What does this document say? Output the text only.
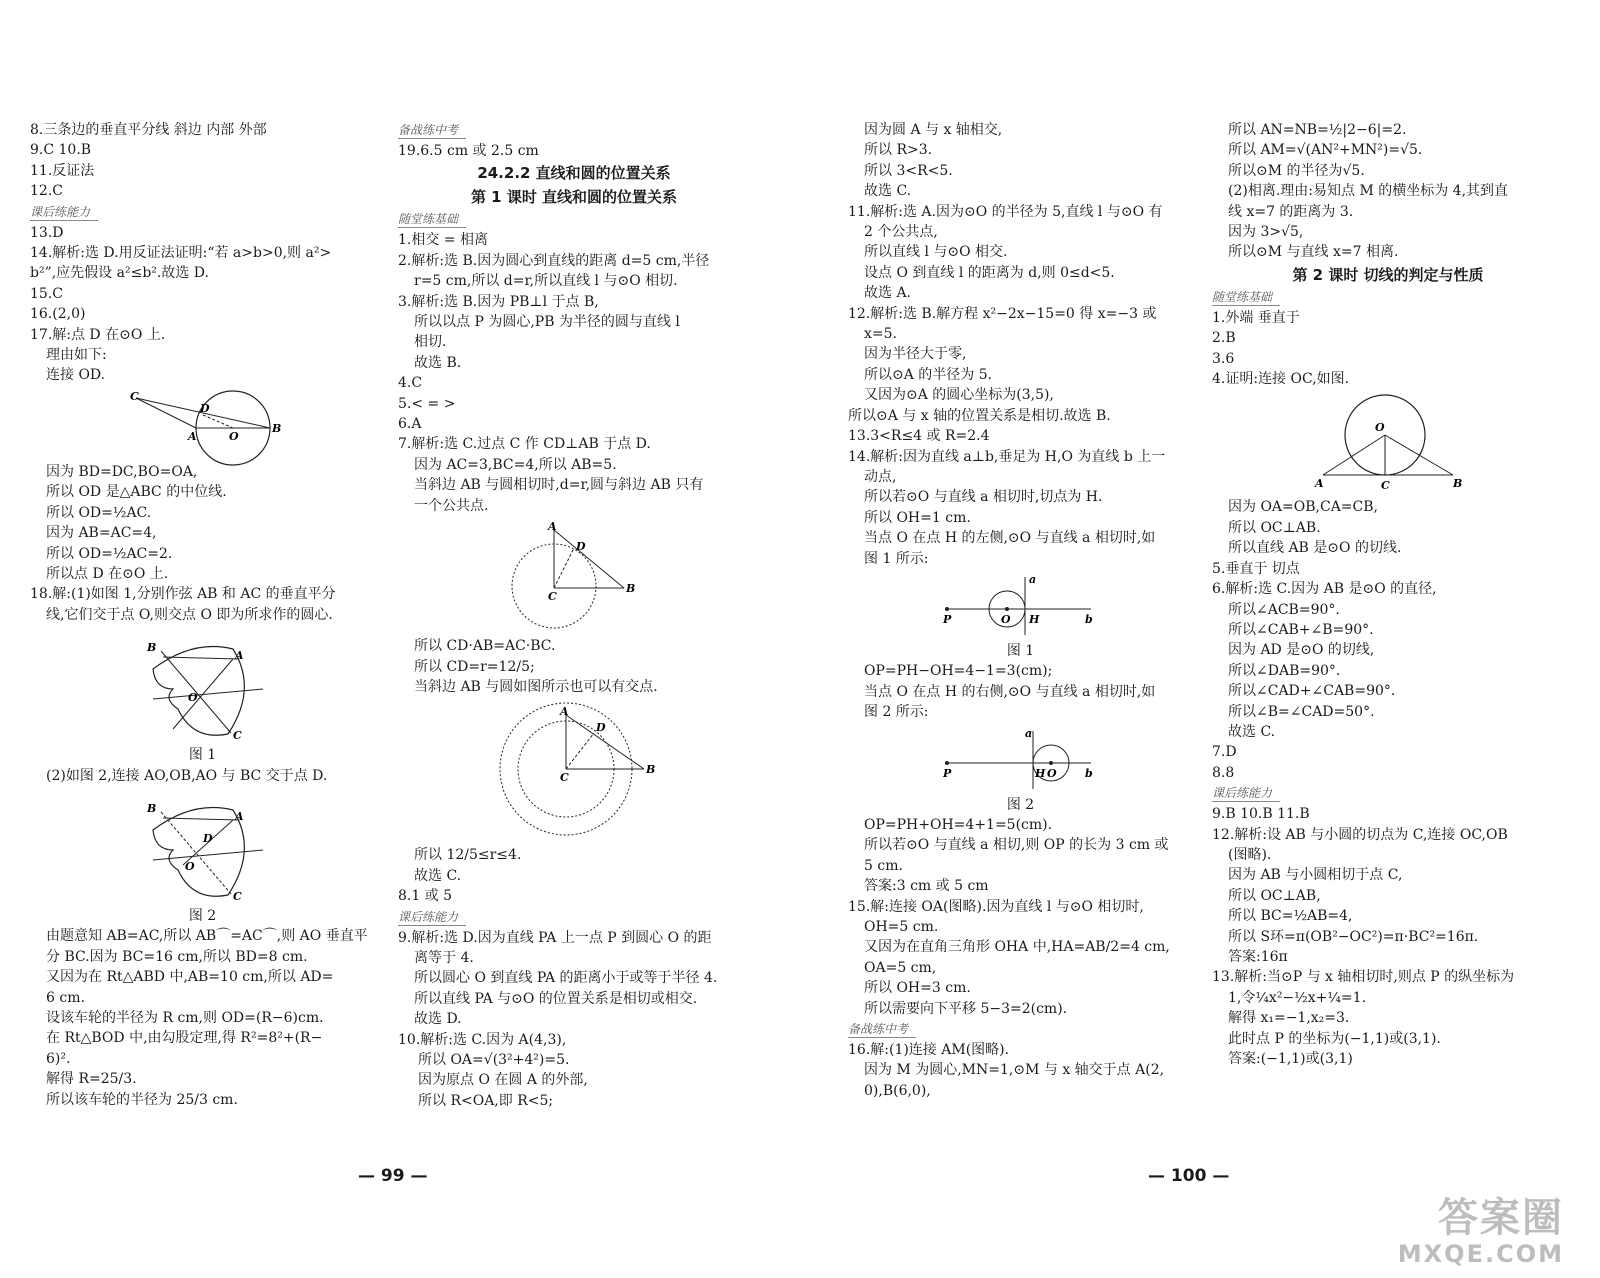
8.三条边的垂直平分线 斜边 内部 外部
9.C 10.B
11.反证法
12.C
课后练能力
13.D
14.解析:选 D.用反证法证明:“若 a>b>0,则 a²>
b²”,应先假设 a²≤b².故选 D.
15.C
16.(2,0)
17.解:点 D 在⊙O 上.
理由如下:
连接 OD.
C
D
A	O
B
因为 BD=DC,BO=OA,
所以 OD 是△ABC 的中位线.
所以 OD=½AC.
因为 AB=AC=4,
所以 OD=½AC=2.
所以点 D 在⊙O 上.
18.解:(1)如图 1,分别作弦 AB 和 AC 的垂直平分
线,它们交于点 O,则交点 O 即为所求作的圆心.
B
A
O
C
图 1
(2)如图 2,连接 AO,OB,AO 与 BC 交于点 D.
B
A
D
O
C
图 2
由题意知 AB=AC,所以 AB⌒=AC⌒,则 AO 垂直平
分 BC.因为 BC=16 cm,所以 BD=8 cm.
又因为在 Rt△ABD 中,AB=10 cm,所以 AD=
6 cm.
设该车轮的半径为 R cm,则 OD=(R−6)cm.
在 Rt△BOD 中,由勾股定理,得 R²=8²+(R−
6)².
解得 R=25/3.
所以该车轮的半径为 25/3 cm.
备战练中考
19.6.5 cm 或 2.5 cm
24.2.2 直线和圆的位置关系
第 1 课时 直线和圆的位置关系
随堂练基础
1.相交 = 相离
2.解析:选 B.因为圆心到直线的距离 d=5 cm,半径
r=5 cm,所以 d=r,所以直线 l 与⊙O 相切.
3.解析:选 B.因为 PB⊥l 于点 B,
所以以点 P 为圆心,PB 为半径的圆与直线 l
相切.
故选 B.
4.C
5.< = >
6.A
7.解析:选 C.过点 C 作 CD⊥AB 于点 D.
因为 AC=3,BC=4,所以 AB=5.
当斜边 AB 与圆相切时,d=r,圆与斜边 AB 只有
一个公共点.
A
D
C
B
所以 CD·AB=AC·BC.
所以 CD=r=12/5;
当斜边 AB 与圆如图所示也可以有交点.
A
D
C
B
所以 12/5≤r≤4.
故选 C.
8.1 或 5
课后练能力
9.解析:选 D.因为直线 PA 上一点 P 到圆心 O 的距
离等于 4.
所以圆心 O 到直线 PA 的距离小于或等于半径 4.
所以直线 PA 与⊙O 的位置关系是相切或相交.
故选 D.
10.解析:选 C.因为 A(4,3),
所以 OA=√(3²+4²)=5.
因为原点 O 在圆 A 的外部,
所以 R<OA,即 R<5;
因为圆 A 与 x 轴相交,
所以 R>3.
所以 3<R<5.
故选 C.
11.解析:选 A.因为⊙O 的半径为 5,直线 l 与⊙O 有
2 个公共点,
所以直线 l 与⊙O 相交.
设点 O 到直线 l 的距离为 d,则 0≤d<5.
故选 A.
12.解析:选 B.解方程 x²−2x−15=0 得 x=−3 或
x=5.
因为半径大于零,
所以⊙A 的半径为 5.
又因为⊙A 的圆心坐标为(3,5),
所以⊙A 与 x 轴的位置关系是相切.故选 B.
13.3<R≤4 或 R=2.4
14.解析:因为直线 a⊥b,垂足为 H,O 为直线 b 上一
动点,
所以若⊙O 与直线 a 相切时,切点为 H.
所以 OH=1 cm.
当点 O 在点 H 的左侧,⊙O 与直线 a 相切时,如
图 1 所示:
P	O H	b
a
图 1
OP=PH−OH=4−1=3(cm);
当点 O 在点 H 的右侧,⊙O 与直线 a 相切时,如
图 2 所示:
P	H O	b
a
图 2
OP=PH+OH=4+1=5(cm).
所以若⊙O 与直线 a 相切,则 OP 的长为 3 cm 或
5 cm.
答案:3 cm 或 5 cm
15.解:连接 OA(图略).因为直线 l 与⊙O 相切时,
OH=5 cm.
又因为在直角三角形 OHA 中,HA=AB/2=4 cm,
OA=5 cm,
所以 OH=3 cm.
所以需要向下平移 5−3=2(cm).
备战练中考
16.解:(1)连接 AM(图略).
因为 M 为圆心,MN=1,⊙M 与 x 轴交于点 A(2,
0),B(6,0),
所以 AN=NB=½|2−6|=2.
所以 AM=√(AN²+MN²)=√5.
所以⊙M 的半径为√5.
(2)相离.理由:易知点 M 的横坐标为 4,其到直
线 x=7 的距离为 3.
因为 3>√5,
所以⊙M 与直线 x=7 相离.
第 2 课时 切线的判定与性质
随堂练基础
1.外端 垂直于
2.B
3.6
4.证明:连接 OC,如图.
O
A	C	B
因为 OA=OB,CA=CB,
所以 OC⊥AB.
所以直线 AB 是⊙O 的切线.
5.垂直于 切点
6.解析:选 C.因为 AB 是⊙O 的直径,
所以∠ACB=90°.
所以∠CAB+∠B=90°.
因为 AD 是⊙O 的切线,
所以∠DAB=90°.
所以∠CAD+∠CAB=90°.
所以∠B=∠CAD=50°.
故选 C.
7.D
8.8
课后练能力
9.B 10.B 11.B
12.解析:设 AB 与小圆的切点为 C,连接 OC,OB
(图略).
因为 AB 与小圆相切于点 C,
所以 OC⊥AB,
所以 BC=½AB=4,
所以 S环=π(OB²−OC²)=π·BC²=16π.
答案:16π
13.解析:当⊙P 与 x 轴相切时,则点 P 的纵坐标为
1,令¼x²−½x+¼=1.
解得 x₁=−1,x₂=3.
此时点 P 的坐标为(−1,1)或(3,1).
答案:(−1,1)或(3,1)
— 99 —	— 100 —
答案圈
MXQE.COM
